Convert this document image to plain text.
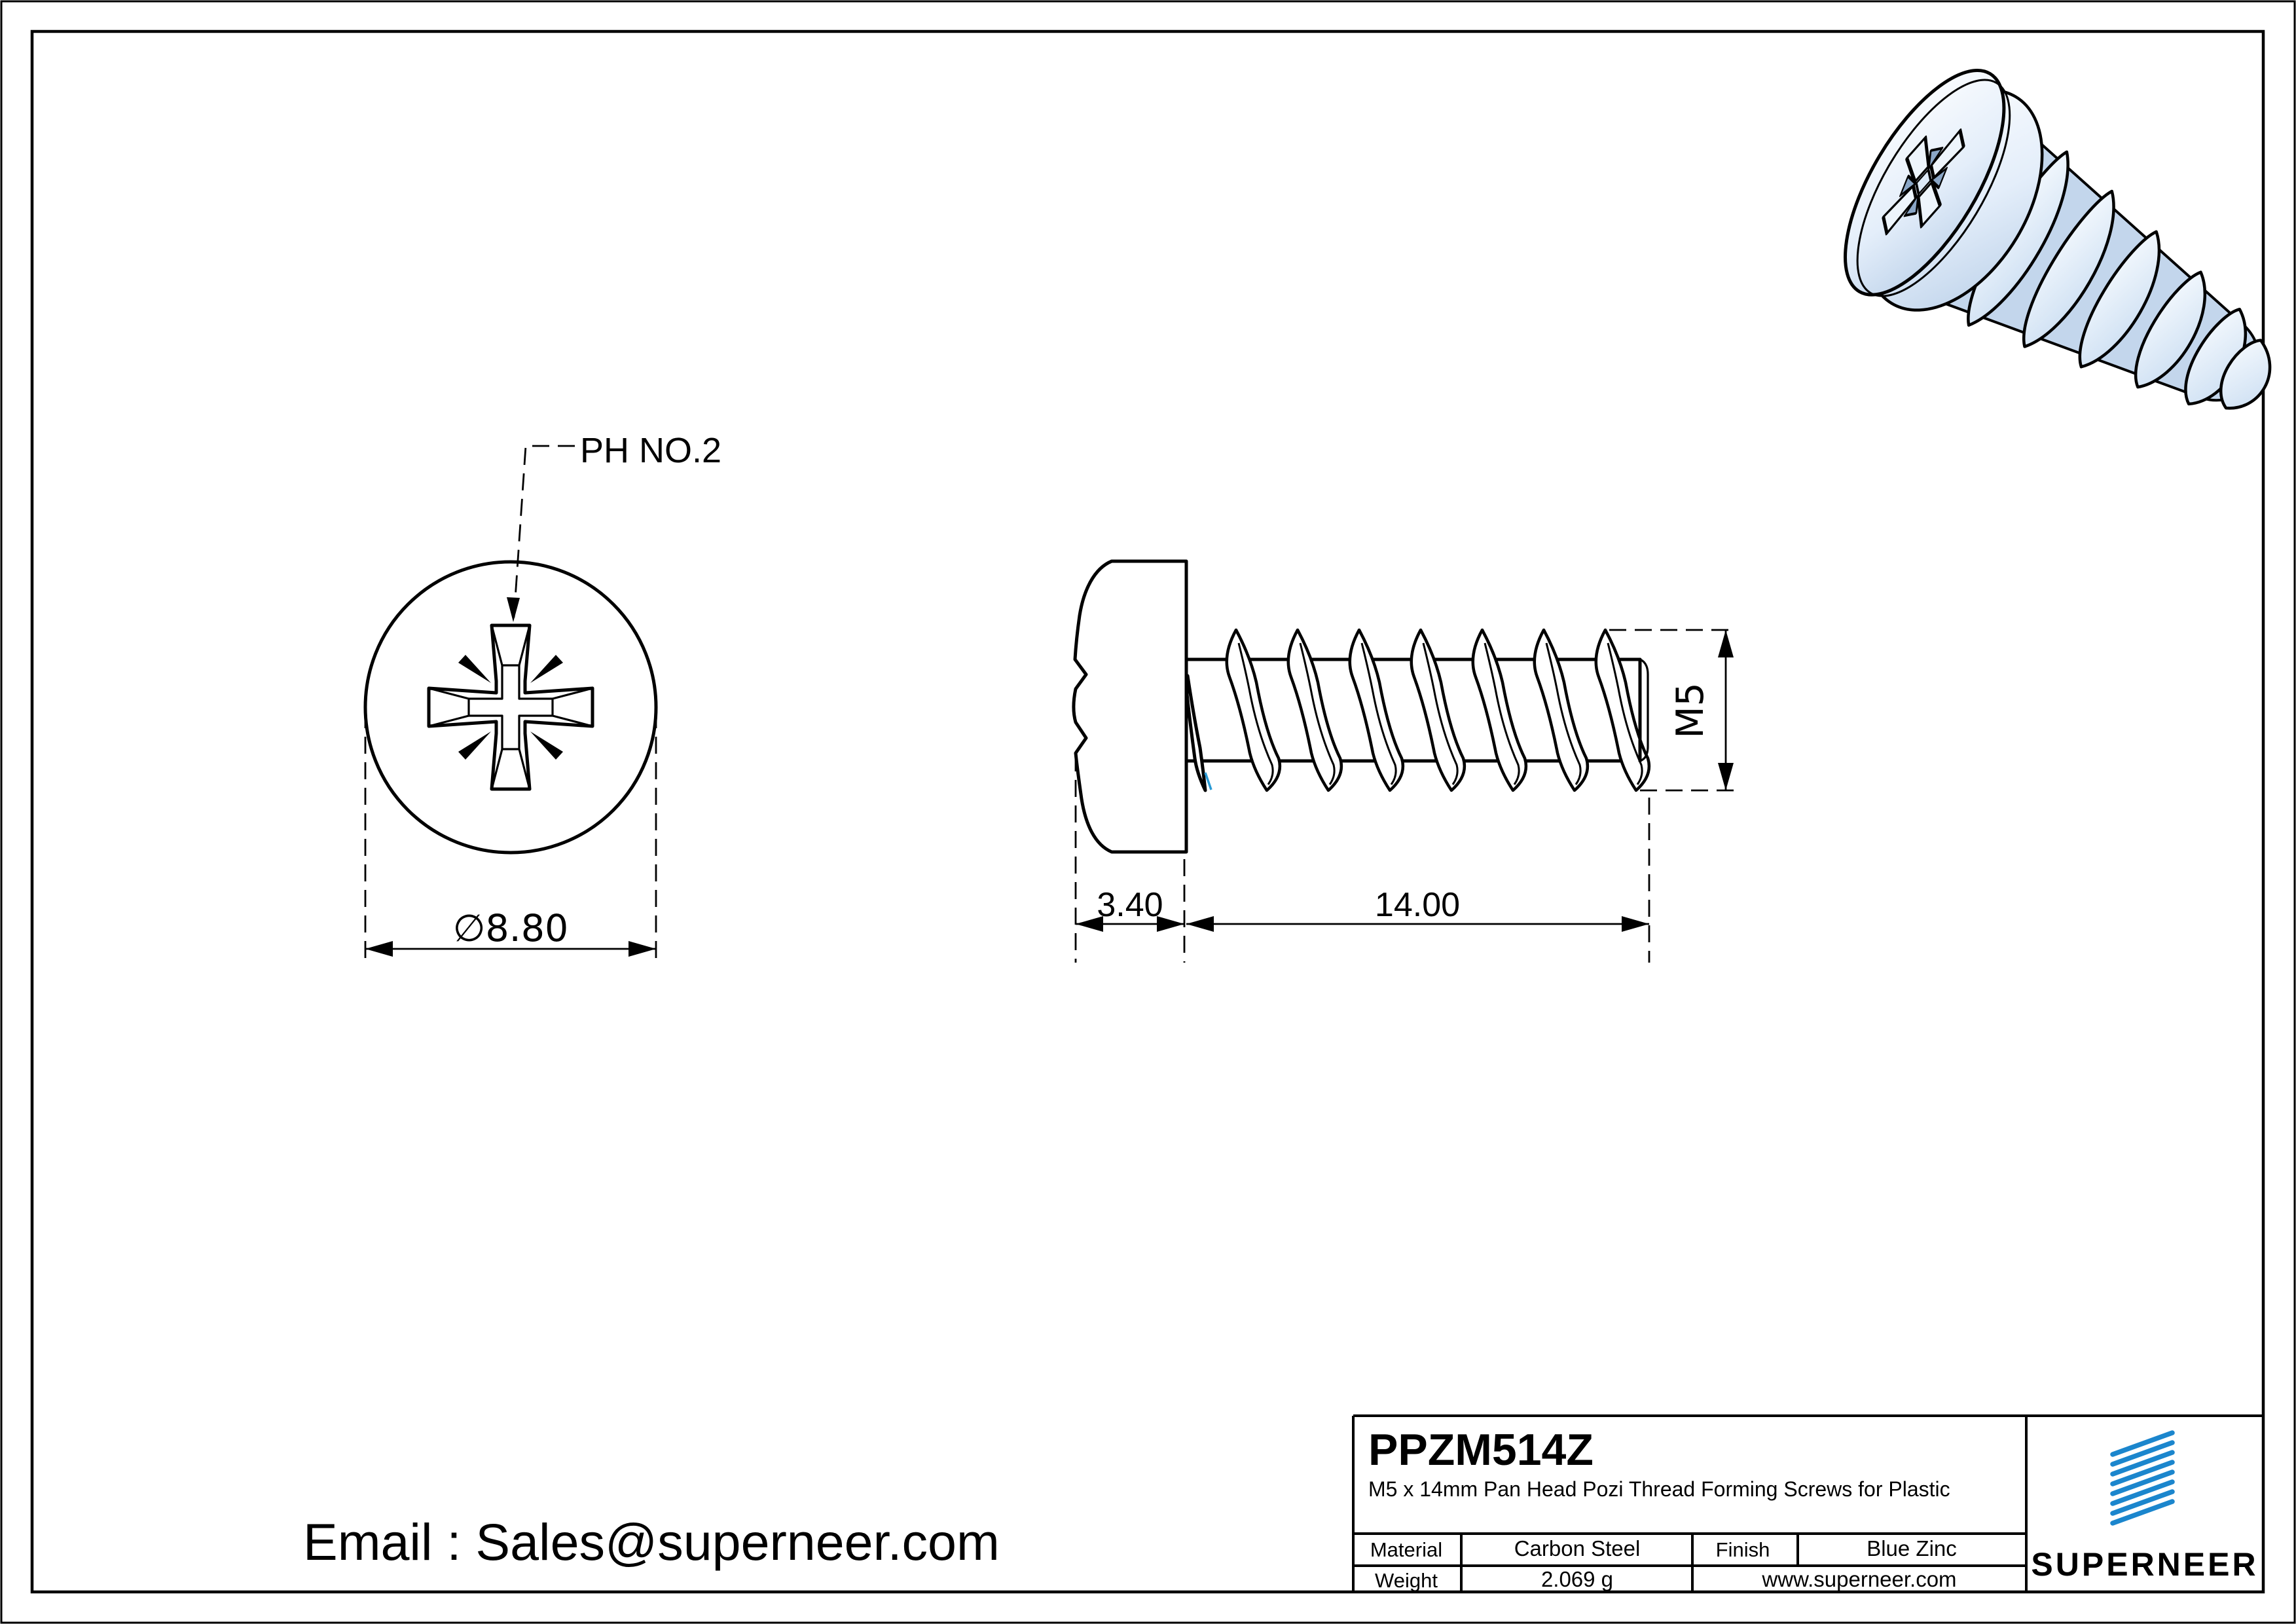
PH NO.2
∅8.80
M5
3.40	14.00
PPZM514Z
M5 x 14mm Pan Head Pozi Thread Forming Screws for Plastic
Material	Carbon Steel	Finish	Blue Zinc
Weight	2.069 g	www.superneer.com SUPERNEER
Email : Sales@superneer.com
